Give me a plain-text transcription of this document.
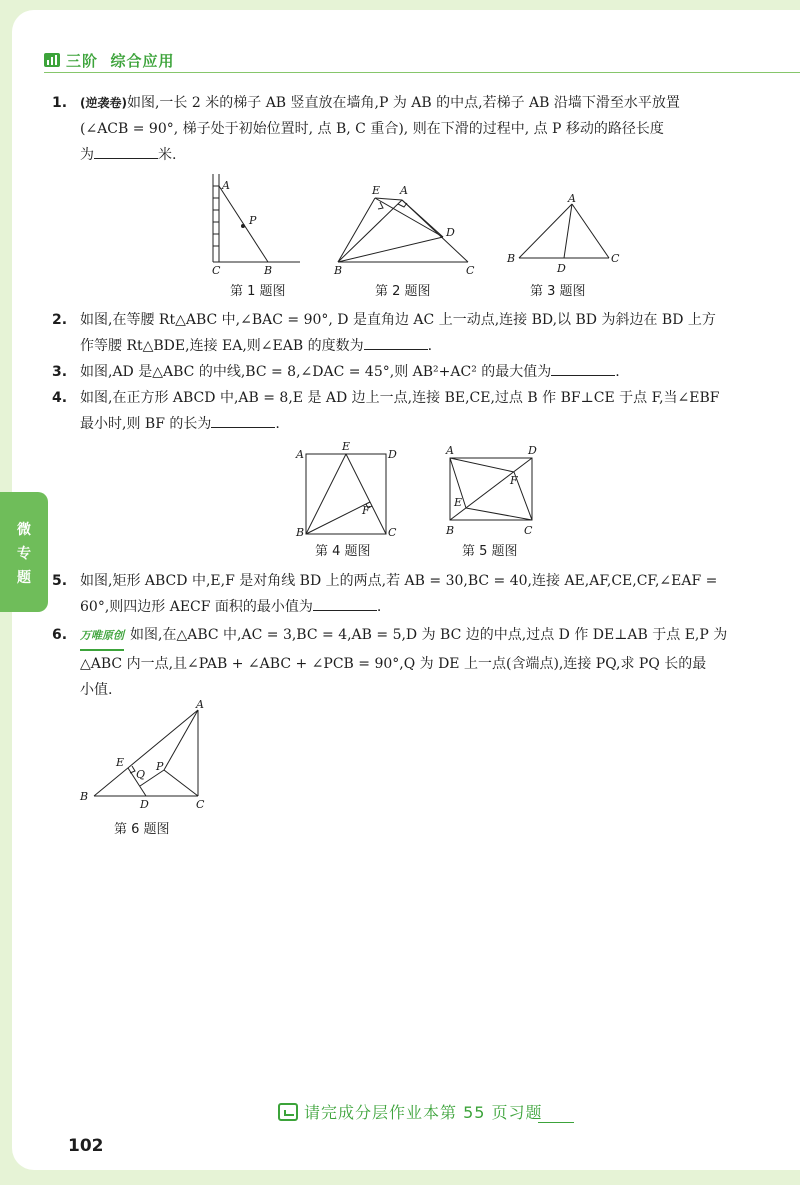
三阶 综合应用
微
专
题
1. (逆袭卷)如图,一长 2 米的梯子 AB 竖直放在墙角,P 为 AB 的中点,若梯子 AB 沿墙下滑至水平放置
(∠ACB = 90°, 梯子处于初始位置时, 点 B, C 重合), 则在下滑的过程中, 点 P 移动的路径长度
为	米.
A
P
C	B
第 1 题图
E A
D
B	C
第 2 题图
A
B
D
C
第 3 题图
2. 如图,在等腰 Rt△ABC 中,∠BAC = 90°, D 是直角边 AC 上一动点,连接 BD,以 BD 为斜边在 BD 上方
作等腰 Rt△BDE,连接 EA,则∠EAB 的度数为	.
3. 如图,AD 是△ABC 的中线,BC = 8,∠DAC = 45°,则 AB²+AC² 的最大值为	.
4. 如图,在正方形 ABCD 中,AB = 8,E 是 AD 边上一点,连接 BE,CE,过点 B 作 BF⊥CE 于点 F,当∠EBF
最小时,则 BF 的长为	.
A
E
D
F
B	C
第 4 题图
A	D
F
E
B	C
第 5 题图
5. 如图,矩形 ABCD 中,E,F 是对角线 BD 上的两点,若 AB = 30,BC = 40,连接 AE,AF,CE,CF,∠EAF =
60°,则四边形 AECF 面积的最小值为	.
6. 万唯原创 如图,在△ABC 中,AC = 3,BC = 4,AB = 5,D 为 BC 边的中点,过点 D 作 DE⊥AB 于点 E,P 为
△ABC 内一点,且∠PAB + ∠ABC + ∠PCB = 90°,Q 为 DE 上一点(含端点),连接 PQ,求 PQ 长的最
小值.
A
E
Q
P
B
D	C
第 6 题图
请完成分层作业本第 55 页习题
102
